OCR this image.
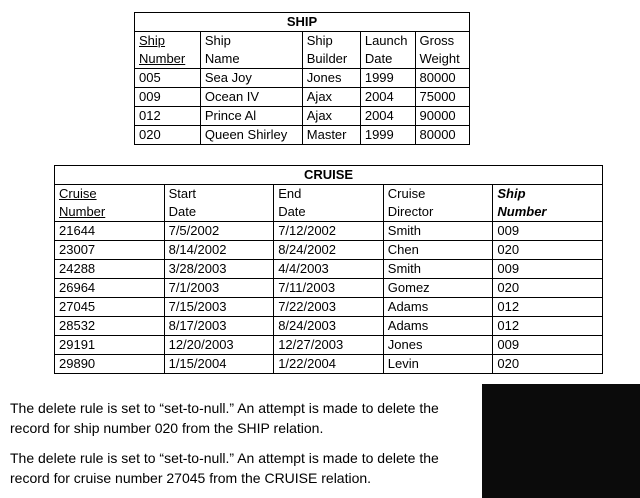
SHIP				
Ship	Ship	Ship	Launch	Gross
Number	Name	Builder	Date	Weight
005	Sea Joy	Jones	1999	80000
009	Ocean IV	Ajax	2004	75000
012	Prince Al	Ajax	2004	90000
020	Queen Shirley	Master	1999	80000
CRUISE				
Cruise	Start	End	Cruise	Ship
Number	Date	Date	Director	Number
21644	7/5/2002	7/12/2002	Smith	009
23007	8/14/2002	8/24/2002	Chen	020
24288	3/28/2003	4/4/2003	Smith	009
26964	7/1/2003	7/11/2003	Gomez	020
27045	7/15/2003	7/22/2003	Adams	012
28532	8/17/2003	8/24/2003	Adams	012
29191	12/20/2003	12/27/2003	Jones	009
29890	1/15/2004	1/22/2004	Levin	020
The delete rule is set to “set-to-null.” An attempt is made to delete the record for ship number 020 from the SHIP relation.
The delete rule is set to “set-to-null.” An attempt is made to delete the record for cruise number 27045 from the CRUISE relation.
